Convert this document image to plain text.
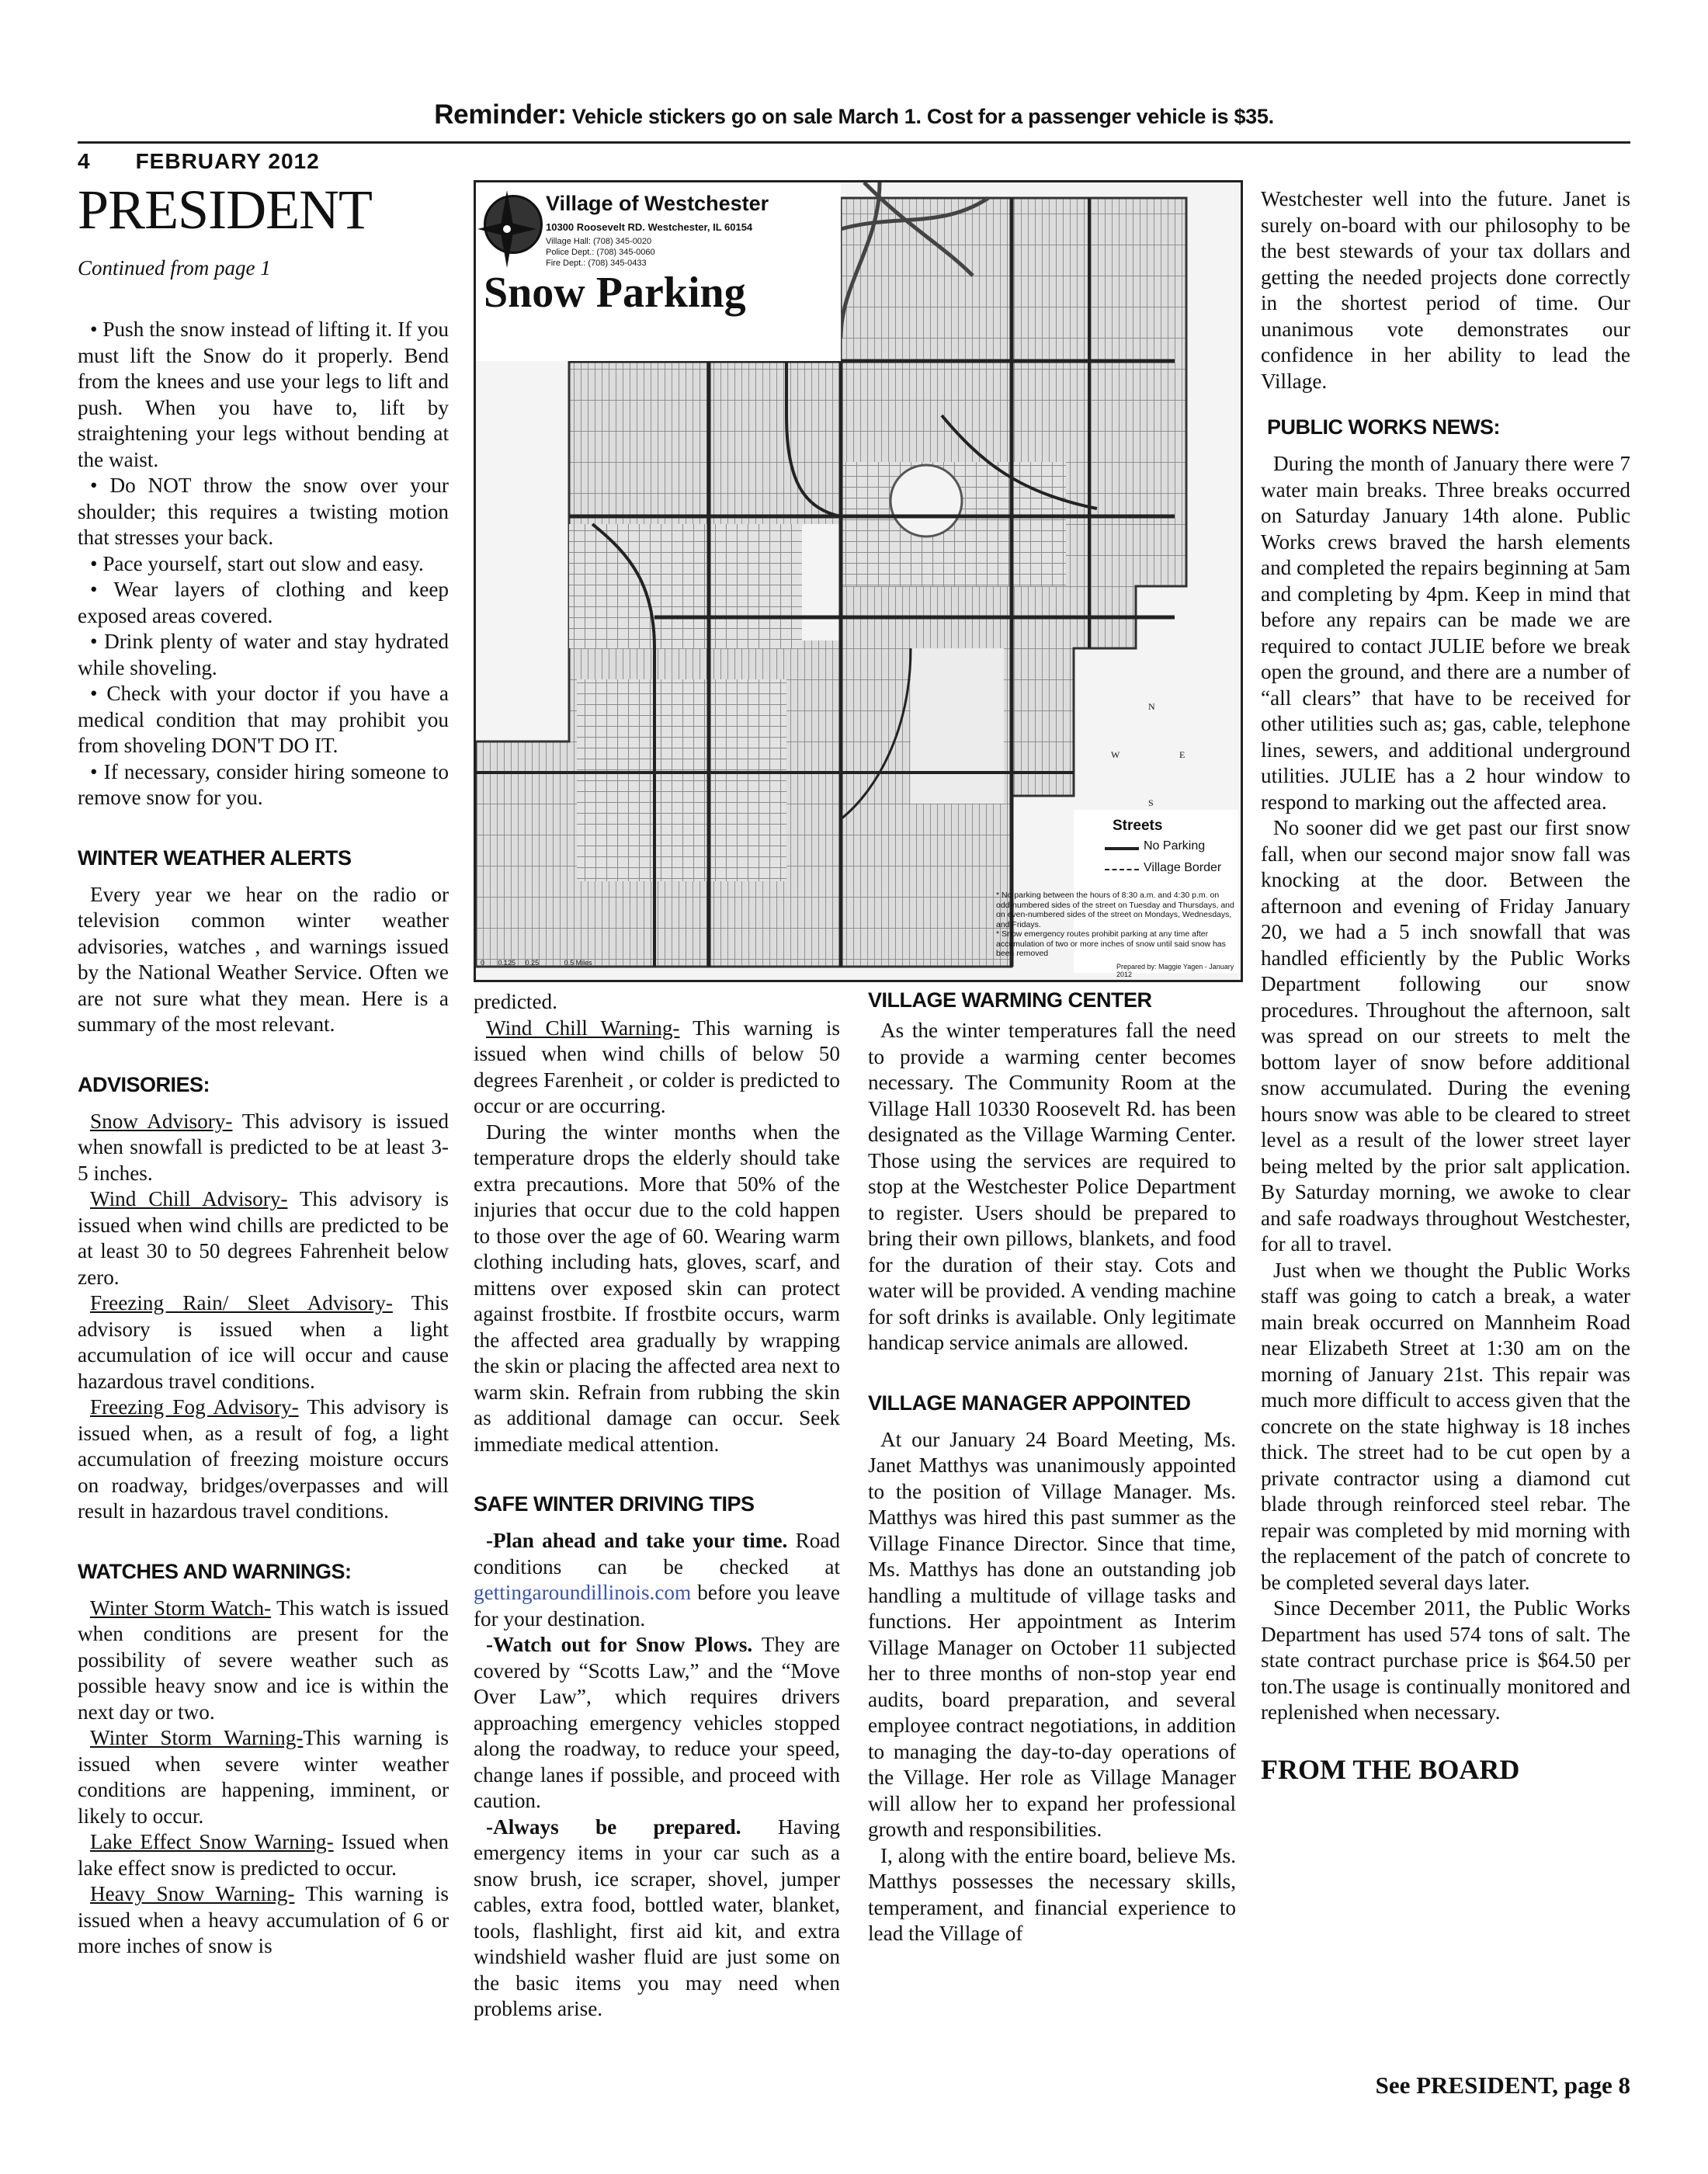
Reminder: Vehicle stickers go on sale March 1. Cost for a passenger vehicle is $35.
4 FEBRUARY 2012
PRESIDENT
Continued from page 1

• Push the snow instead of lifting it. If you must lift the Snow do it properly. Bend from the knees and use your legs to lift and push. When you have to, lift by straightening your legs without bending at the waist.

• Do NOT throw the snow over your shoulder; this requires a twisting motion that stresses your back.

• Pace yourself, start out slow and easy.

• Wear layers of clothing and keep exposed areas covered.

• Drink plenty of water and stay hydrated while shoveling.

• Check with your doctor if you have a medical condition that may prohibit you from shoveling DON'T DO IT.

• If necessary, consider hiring someone to remove snow for you.

WINTER WEATHER ALERTS

Every year we hear on the radio or television common winter weather advisories, watches , and warnings issued by the National Weather Service. Often we are not sure what they mean. Here is a summary of the most relevant.

ADVISORIES:

Snow Advisory- This advisory is issued when snowfall is predicted to be at least 3-5 inches.

Wind Chill Advisory- This advisory is issued when wind chills are predicted to be at least 30 to 50 degrees Fahrenheit below zero.

Freezing Rain/ Sleet Advisory- This advisory is issued when a light accumulation of ice will occur and cause hazardous travel conditions.

Freezing Fog Advisory- This advisory is issued when, as a result of fog, a light accumulation of freezing moisture occurs on roadway, bridges/overpasses and will result in hazardous travel conditions.

WATCHES AND WARNINGS:

Winter Storm Watch- This watch is issued when conditions are present for the possibility of severe weather such as possible heavy snow and ice is within the next day or two.

Winter Storm Warning-This warning is issued when severe winter weather conditions are happening, imminent, or likely to occur.

Lake Effect Snow Warning- Issued when lake effect snow is predicted to occur.

Heavy Snow Warning- This warning is issued when a heavy accumulation of 6 or more inches of snow is

Village of Westchester
10300 Roosevelt RD. Westchester, IL 60154
Village Hall: (708) 345-0020
Police Dept.: (708) 345-0060
Fire Dept.: (708) 345-0433
Snow Parking
N
S
E
W
Streets
No Parking
Village Border
* No parking between the hours of 8:30 a.m. and 4:30 p.m. on odd-numbered sides of the street on Tuesday and Thursdays, and on even-numbered sides of the street on Mondays, Wednesdays, and Fridays.
* Snow emergency routes prohibit parking at any time after accumulation of two or more inches of snow until said snow has been removed
Prepared by: Maggie Yagen - January 2012
0 0.125 0.25	0.5 Miles

predicted.

Wind Chill Warning- This warning is issued when wind chills of below 50 degrees Farenheit , or colder is predicted to occur or are occurring.

During the winter months when the temperature drops the elderly should take extra precautions. More that 50% of the injuries that occur due to the cold happen to those over the age of 60. Wearing warm clothing including hats, gloves, scarf, and mittens over exposed skin can protect against frostbite. If frostbite occurs, warm the affected area gradually by wrapping the skin or placing the affected area next to warm skin. Refrain from rubbing the skin as additional damage can occur. Seek immediate medical attention.

SAFE WINTER DRIVING TIPS

-Plan ahead and take your time. Road conditions can be checked at gettingaroundillinois.com before you leave for your destination.

-Watch out for Snow Plows. They are covered by “Scotts Law,” and the “Move Over Law”, which requires drivers approaching emergency vehicles stopped along the roadway, to reduce your speed, change lanes if possible, and proceed with caution.

-Always be prepared. Having emergency items in your car such as a snow brush, ice scraper, shovel, jumper cables, extra food, bottled water, blanket, tools, flashlight, first aid kit, and extra windshield washer fluid are just some on the basic items you may need when problems arise.

VILLAGE WARMING CENTER

As the winter temperatures fall the need to provide a warming center becomes necessary. The Community Room at the Village Hall 10330 Roosevelt Rd. has been designated as the Village Warming Center. Those using the services are required to stop at the Westchester Police Department to register. Users should be prepared to bring their own pillows, blankets, and food for the duration of their stay. Cots and water will be provided. A vending machine for soft drinks is available. Only legitimate handicap service animals are allowed.

VILLAGE MANAGER APPOINTED

At our January 24 Board Meeting, Ms. Janet Matthys was unanimously appointed to the position of Village Manager. Ms. Matthys was hired this past summer as the Village Finance Director. Since that time, Ms. Matthys has done an outstanding job handling a multitude of village tasks and functions. Her appointment as Interim Village Manager on October 11 subjected her to three months of non-stop year end audits, board preparation, and several employee contract negotiations, in addition to managing the day-to-day operations of the Village. Her role as Village Manager will allow her to expand her professional growth and responsibilities.

I, along with the entire board, believe Ms. Matthys possesses the necessary skills, temperament, and financial experience to lead the Village of

Westchester well into the future. Janet is surely on-board with our philosophy to be the best stewards of your tax dollars and getting the needed projects done correctly in the shortest period of time. Our unanimous vote demonstrates our confidence in her ability to lead the Village.

PUBLIC WORKS NEWS:

During the month of January there were 7 water main breaks. Three breaks occurred on Saturday January 14th alone. Public Works crews braved the harsh elements and completed the repairs beginning at 5am and completing by 4pm. Keep in mind that before any repairs can be made we are required to contact JULIE before we break open the ground, and there are a number of “all clears” that have to be received for other utilities such as; gas, cable, telephone lines, sewers, and additional underground utilities. JULIE has a 2 hour window to respond to marking out the affected area.

No sooner did we get past our first snow fall, when our second major snow fall was knocking at the door. Between the afternoon and evening of Friday January 20, we had a 5 inch snowfall that was handled efficiently by the Public Works Department following our snow procedures. Throughout the afternoon, salt was spread on our streets to melt the bottom layer of snow before additional snow accumulated. During the evening hours snow was able to be cleared to street level as a result of the lower street layer being melted by the prior salt application. By Saturday morning, we awoke to clear and safe roadways throughout Westchester, for all to travel.

Just when we thought the Public Works staff was going to catch a break, a water main break occurred on Mannheim Road near Elizabeth Street at 1:30 am on the morning of January 21st. This repair was much more difficult to access given that the concrete on the state highway is 18 inches thick. The street had to be cut open by a private contractor using a diamond cut blade through reinforced steel rebar. The repair was completed by mid morning with the replacement of the patch of concrete to be completed several days later.

Since December 2011, the Public Works Department has used 574 tons of salt. The state contract purchase price is $64.50 per ton.The usage is continually monitored and replenished when necessary.

FROM THE BOARD
See PRESIDENT, page 8
